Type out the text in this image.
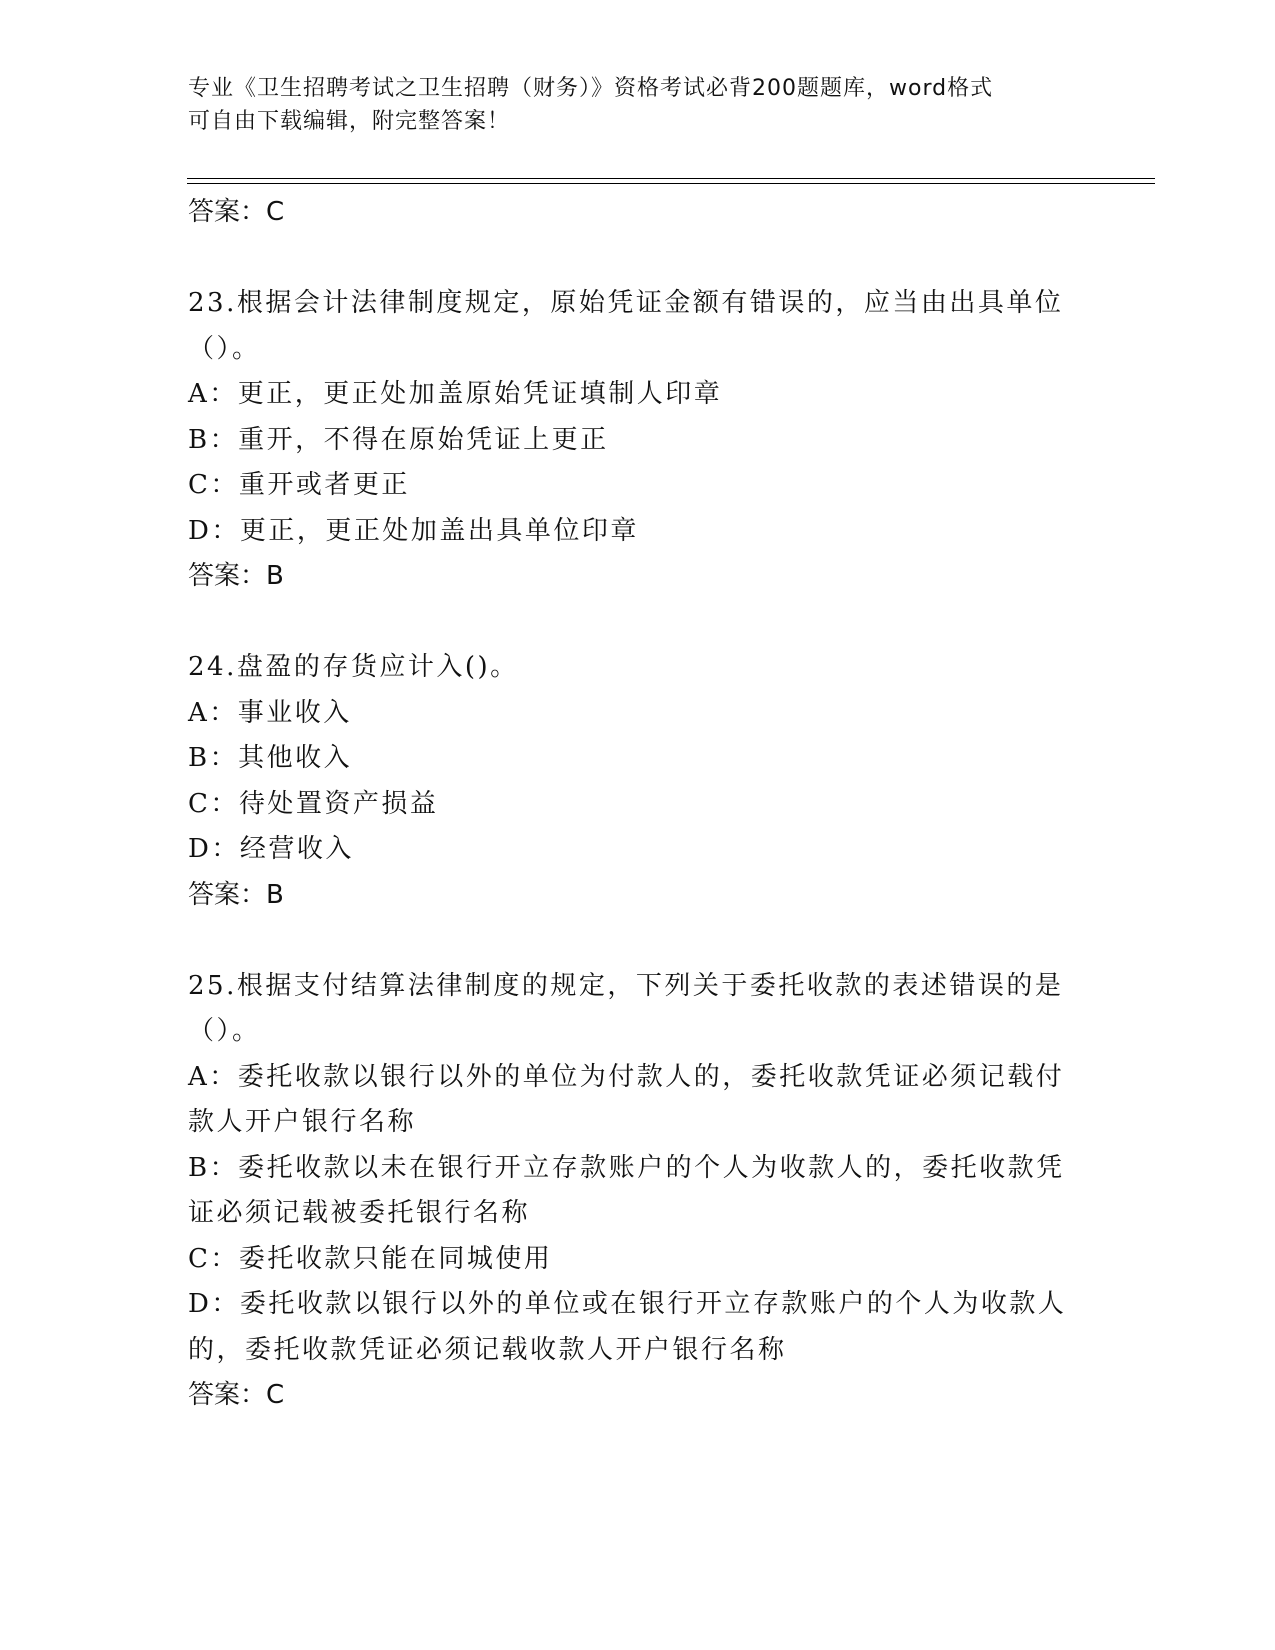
专业《卫生招聘考试之卫生招聘（财务）》资格考试必背200题题库，word格式
可自由下载编辑，附完整答案！
答案：C
23.根据会计法律制度规定，原始凭证金额有错误的，应当由出具单位
（）。
A：更正，更正处加盖原始凭证填制人印章
B：重开，不得在原始凭证上更正
C：重开或者更正
D：更正，更正处加盖出具单位印章
答案：B
24.盘盈的存货应计入()。
A：事业收入
B：其他收入
C：待处置资产损益
D：经营收入
答案：B
25.根据支付结算法律制度的规定，下列关于委托收款的表述错误的是
（）。
A：委托收款以银行以外的单位为付款人的，委托收款凭证必须记载付
款人开户银行名称
B：委托收款以未在银行开立存款账户的个人为收款人的，委托收款凭
证必须记载被委托银行名称
C：委托收款只能在同城使用
D：委托收款以银行以外的单位或在银行开立存款账户的个人为收款人
的，委托收款凭证必须记载收款人开户银行名称
答案：C
